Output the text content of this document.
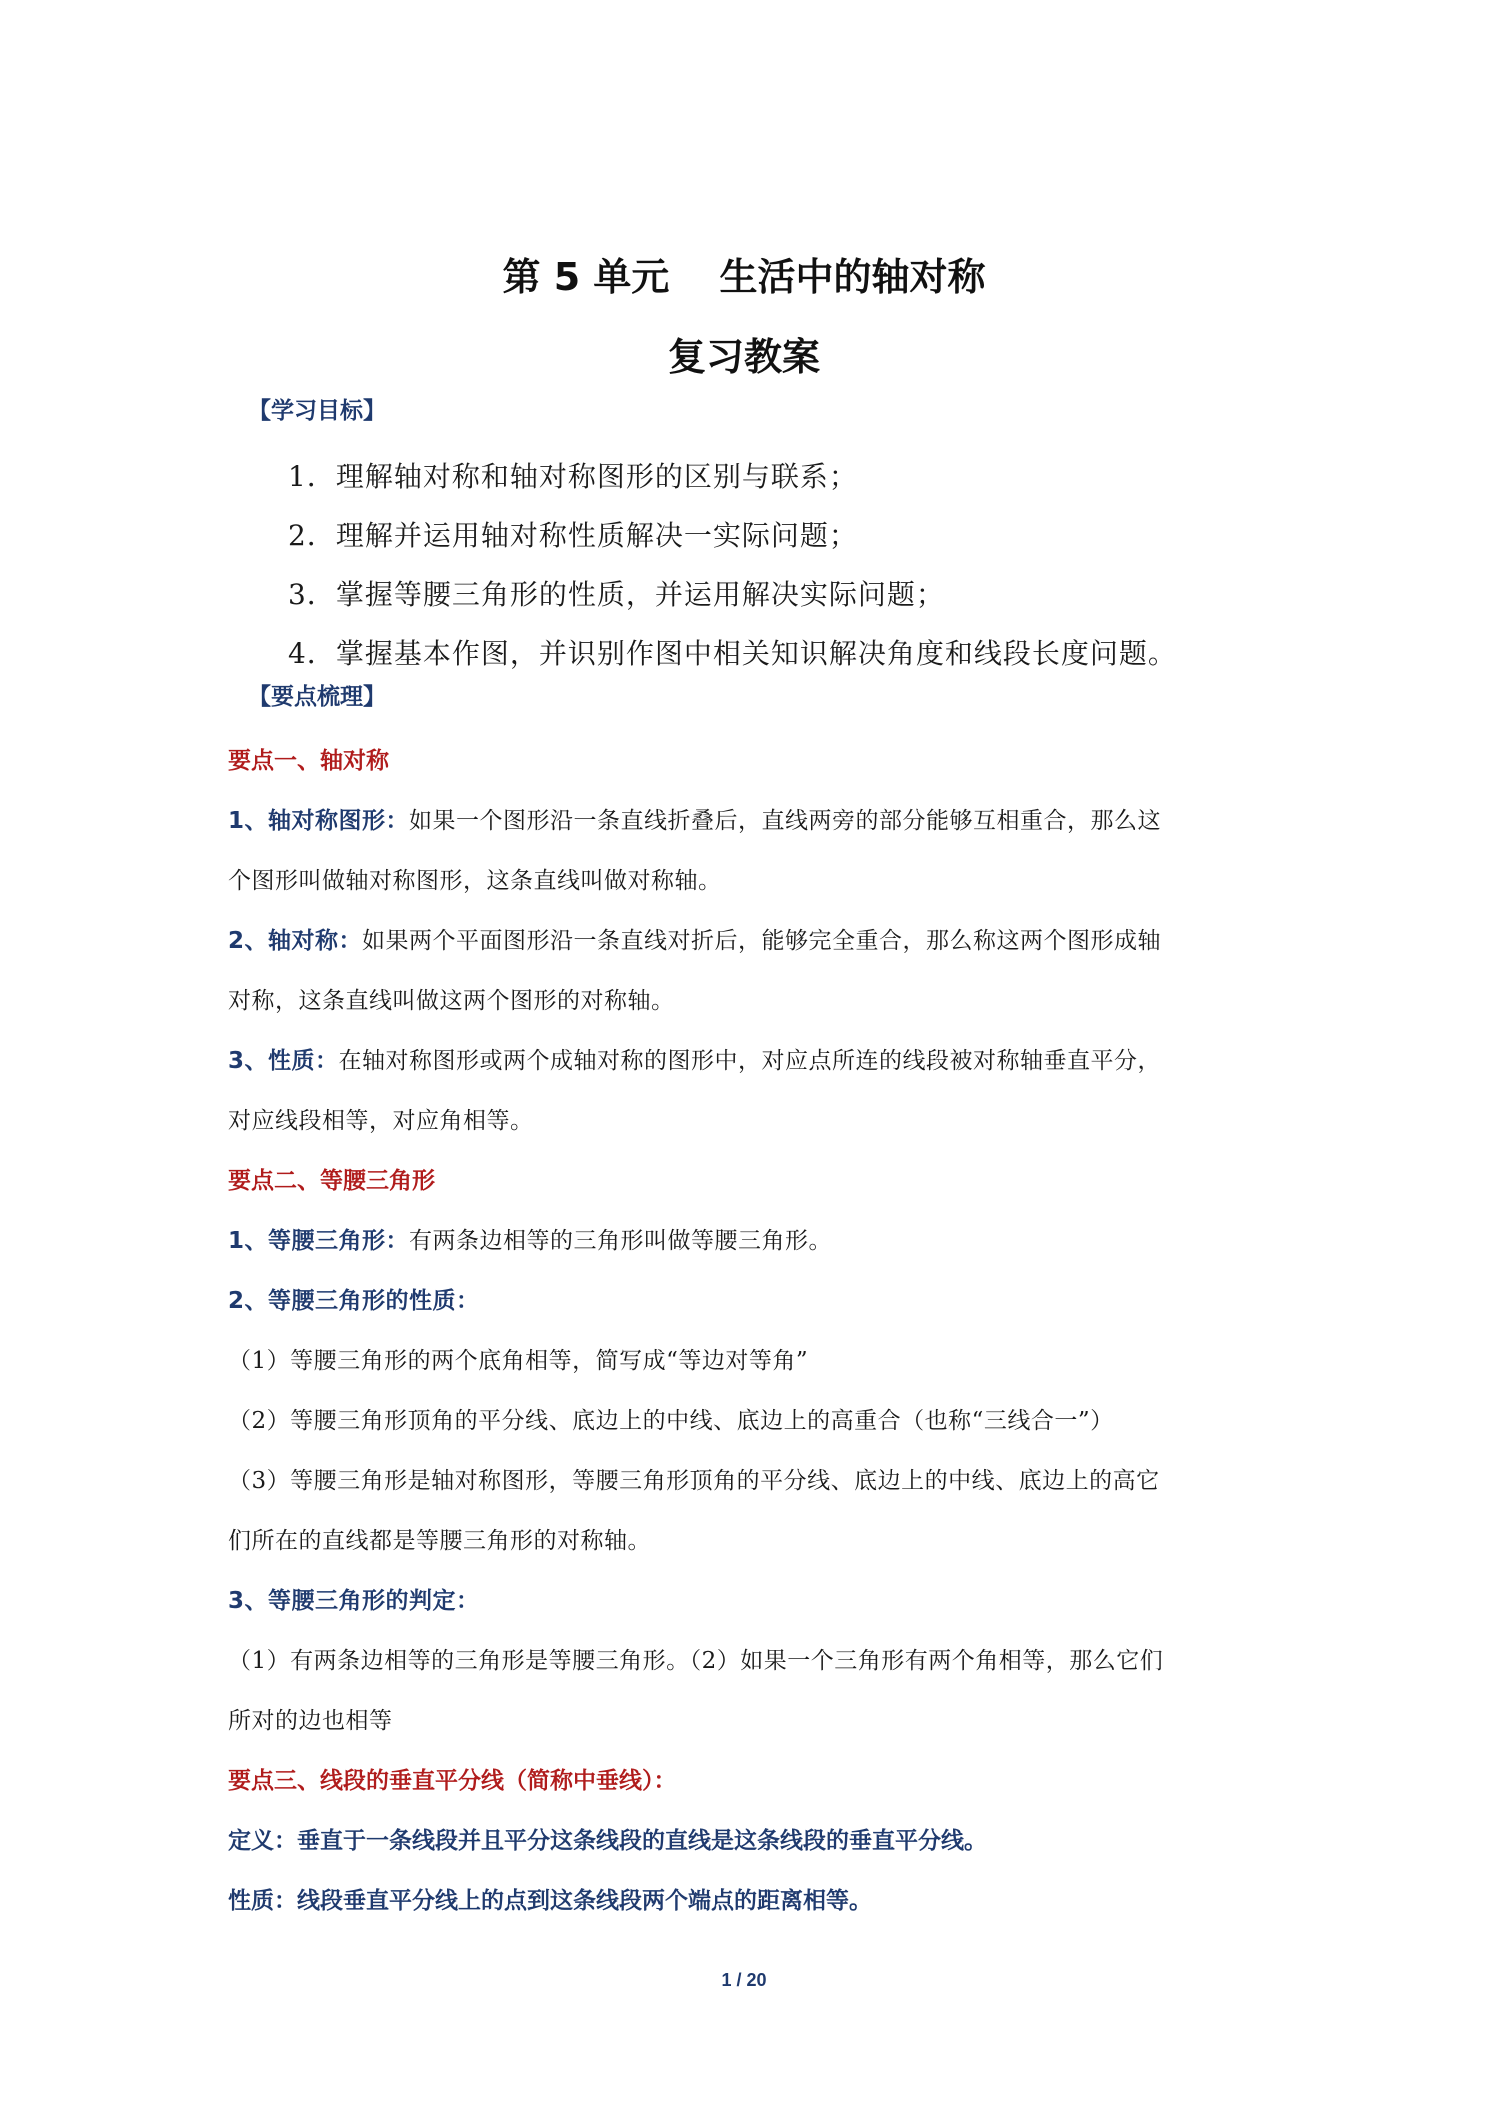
第 5 单元 生活中的轴对称
复习教案
【学习目标】
1．理解轴对称和轴对称图形的区别与联系；
2．理解并运用轴对称性质解决一实际问题；
3．掌握等腰三角形的性质，并运用解决实际问题；
4．掌握基本作图，并识别作图中相关知识解决角度和线段长度问题。
【要点梳理】
要点一、轴对称
1、轴对称图形：如果一个图形沿一条直线折叠后，直线两旁的部分能够互相重合，那么这
个图形叫做轴对称图形，这条直线叫做对称轴。
2、轴对称：如果两个平面图形沿一条直线对折后，能够完全重合，那么称这两个图形成轴
对称，这条直线叫做这两个图形的对称轴。
3、性质：在轴对称图形或两个成轴对称的图形中，对应点所连的线段被对称轴垂直平分，
对应线段相等，对应角相等。
要点二、等腰三角形
1、等腰三角形：有两条边相等的三角形叫做等腰三角形。
2、等腰三角形的性质：
（1）等腰三角形的两个底角相等，简写成“等边对等角”
（2）等腰三角形顶角的平分线、底边上的中线、底边上的高重合（也称“三线合一”）
（3）等腰三角形是轴对称图形，等腰三角形顶角的平分线、底边上的中线、底边上的高它
们所在的直线都是等腰三角形的对称轴。
3、等腰三角形的判定：
（1）有两条边相等的三角形是等腰三角形。（2）如果一个三角形有两个角相等，那么它们
所对的边也相等
要点三、线段的垂直平分线（简称中垂线）：
定义：垂直于一条线段并且平分这条线段的直线是这条线段的垂直平分线。
性质：线段垂直平分线上的点到这条线段两个端点的距离相等。
1 / 20
